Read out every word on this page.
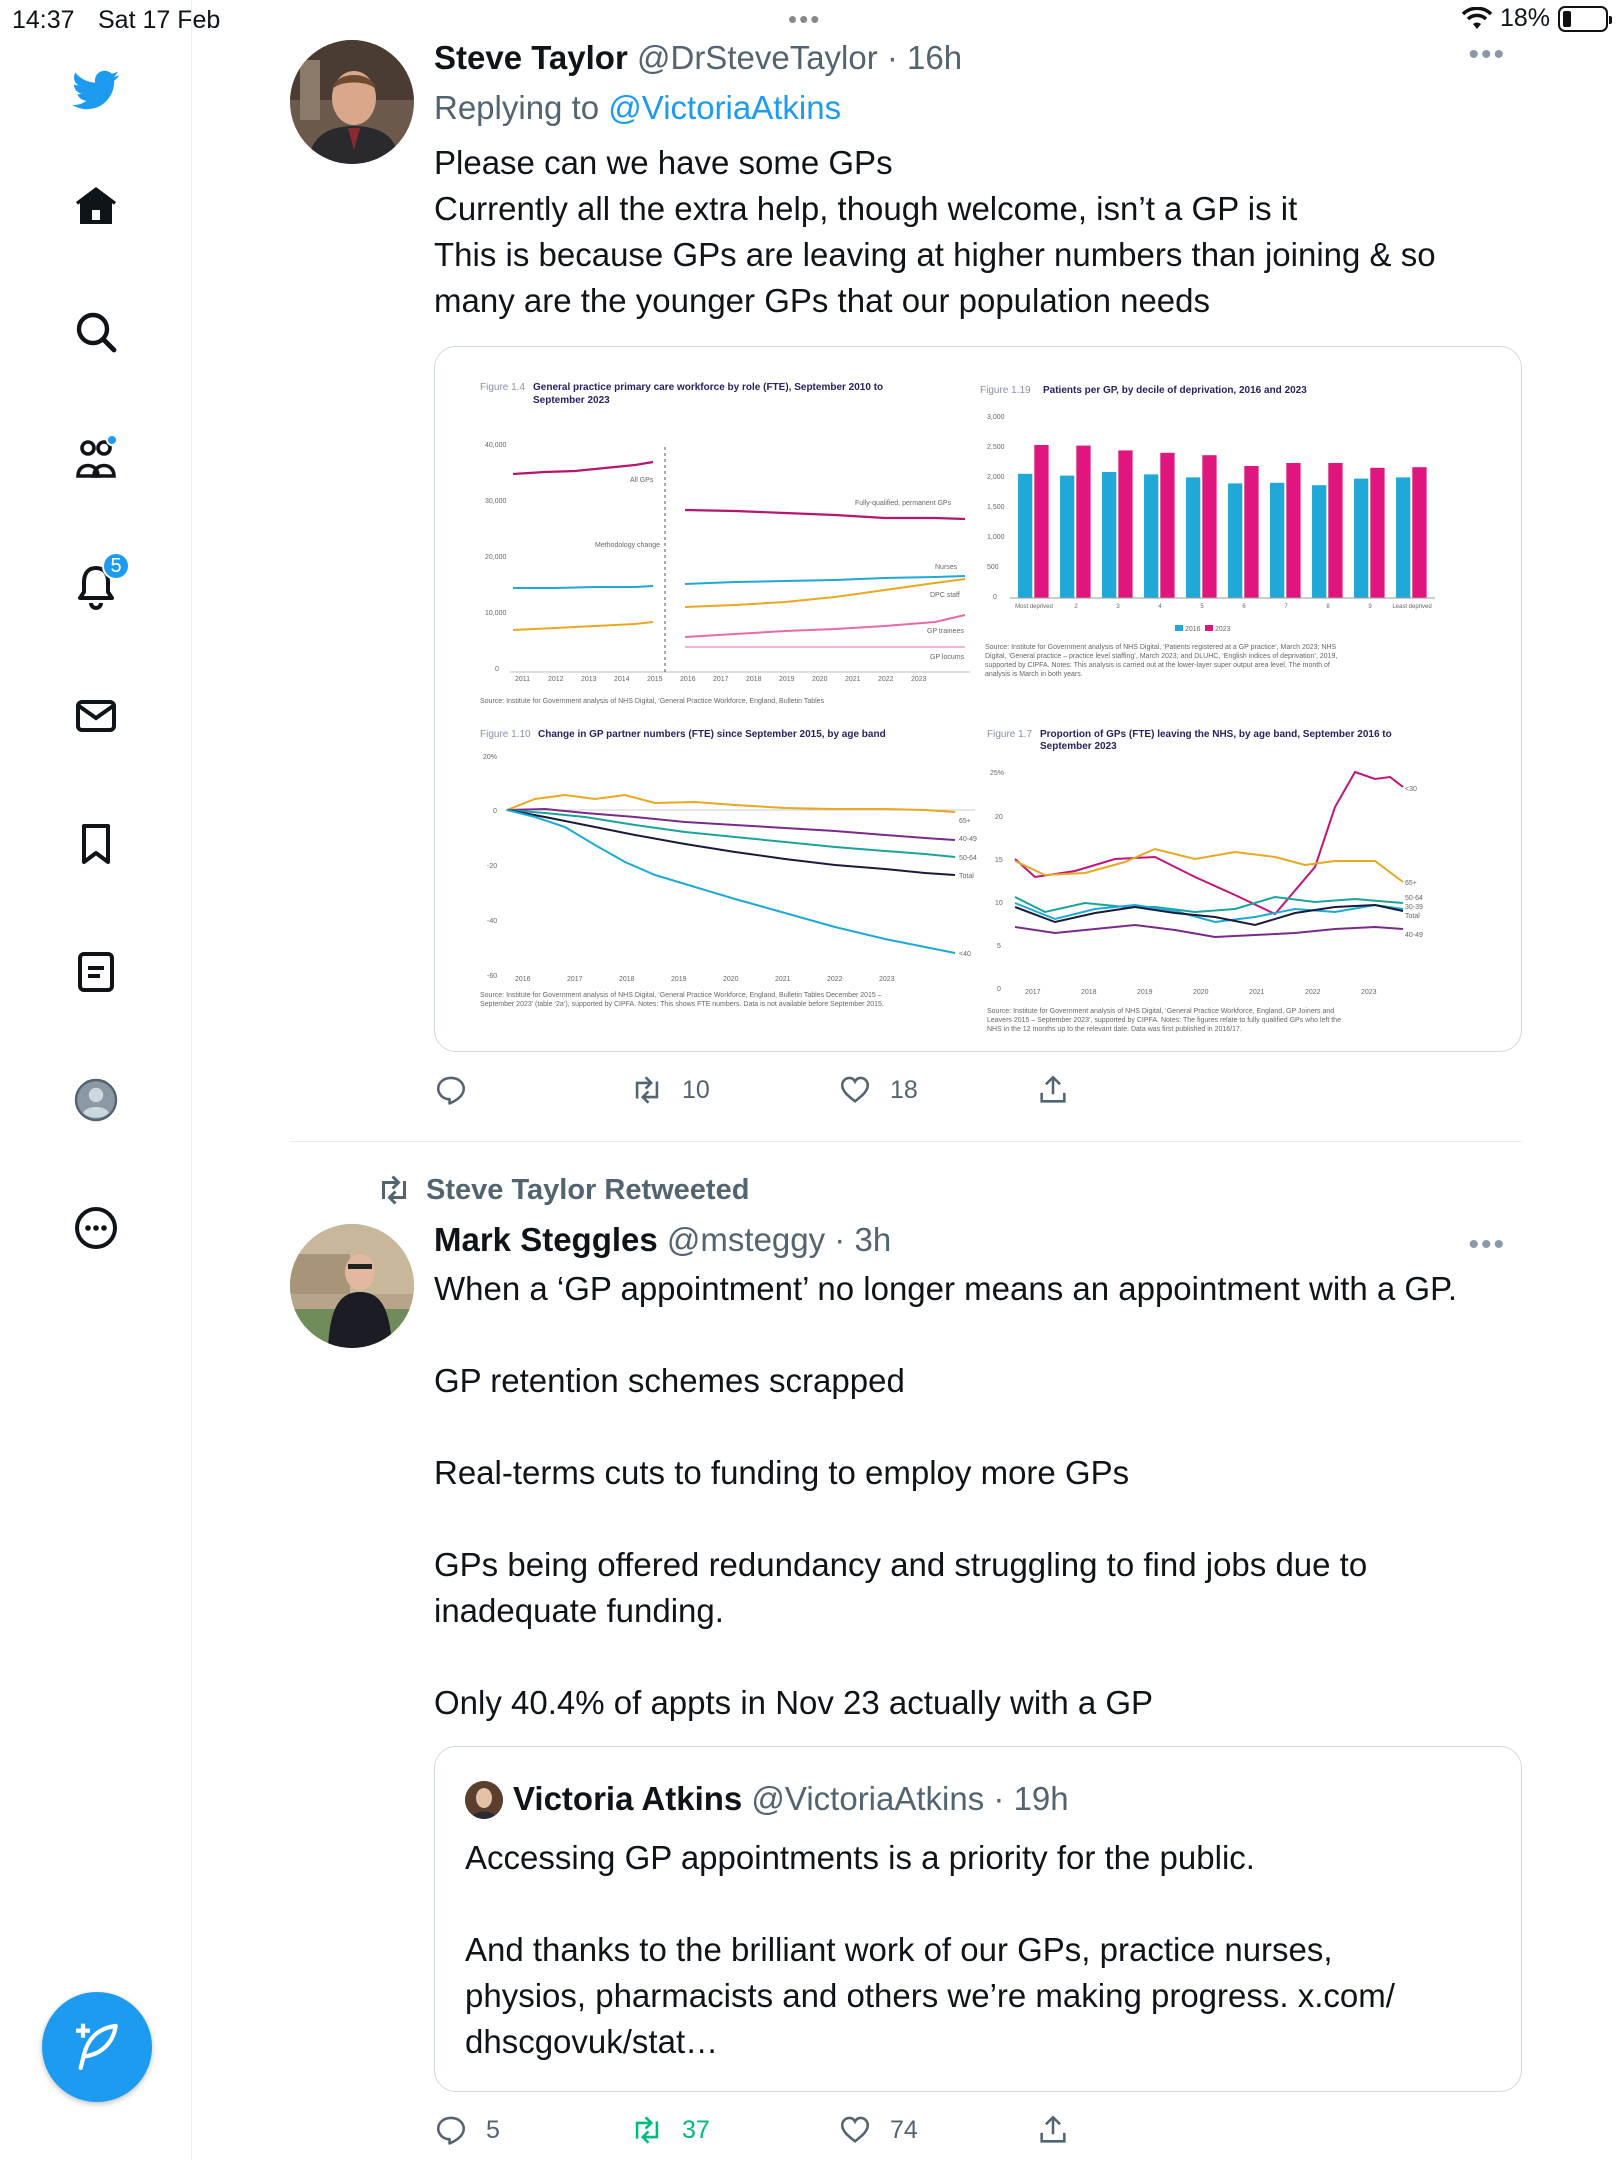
14:37 Sat 17 Feb	•••	18%
5
Steve Taylor @DrSteveTaylor · 16h	•••
Replying to @VictoriaAtkins
Please can we have some GPs
Currently all the extra help, though welcome, isn’t a GP is it
This is because GPs are leaving at higher numbers than joining & so
many are the younger GPs that our population needs
Figure 1.4 General practice primary care workforce by role (FTE), September 2010 to
September 2023
40,000
30,000
20,000
10,000
0
Methodology change
All GPs
Fully-qualified, permanent GPs
Nurses
DPC staff
GP trainees
GP locums
2011	2012 2013 2014 2015 2016 2017 2018 2019 2020 2021 2022 2023
Source: Institute for Government analysis of NHS Digital, ‘General Practice Workforce, England, Bulletin Tables
Figure 1.19 Patients per GP, by decile of deprivation, 2016 and 2023
3,000
2,500
2,000
1,500
1,000
500
0
Most deprived	2	3	4	5	6	7	8	9	Least deprived
2016 2023
Source: Institute for Government analysis of NHS Digital, ‘Patients registered at a GP practice’, March 2023; NHS
Digital, ‘General practice – practice level staffing’, March 2023; and DLUHC, ‘English indices of deprivation’, 2019,
supported by CIPFA. Notes: This analysis is carried out at the lower-layer super output area level. The month of
analysis is March in both years.
Figure 1.10 Change in GP partner numbers (FTE) since September 2015, by age band
20%
0
-20
-40
-60
65+
40-49
50-64
Total
<40
2016	2017	2018	2019	2020	2021	2022	2023
Source: Institute for Government analysis of NHS Digital, ‘General Practice Workforce, England, Bulletin Tables December 2015 –
September 2023’ (table ‘2a’), supported by CIPFA. Notes: This shows FTE numbers. Data is not available before September 2015.
Figure 1.7 Proportion of GPs (FTE) leaving the NHS, by age band, September 2016 to
September 2023
25%
20
15
10
5
0
<30
65+
50-64
30-39
Total
40-49
2017	2018	2019	2020	2021	2022	2023
Source: Institute for Government analysis of NHS Digital, ‘General Practice Workforce, England, GP Joiners and
Leavers 2015 – September 2023’, supported by CIPFA. Notes: The figures relate to fully qualified GPs who left the
NHS in the 12 months up to the relevant date. Data was first published in 2016/17.
10	18
Steve Taylor Retweeted
Mark Steggles @msteggy · 3h	•••
When a ‘GP appointment’ no longer means an appointment with a GP.
GP retention schemes scrapped
Real-terms cuts to funding to employ more GPs
GPs being offered redundancy and struggling to find jobs due to
inadequate funding.
Only 40.4% of appts in Nov 23 actually with a GP
Victoria Atkins @VictoriaAtkins · 19h
Accessing GP appointments is a priority for the public.
And thanks to the brilliant work of our GPs, practice nurses,
physios, pharmacists and others we’re making progress. x.com/
dhscgovuk/stat…
5	37	74
